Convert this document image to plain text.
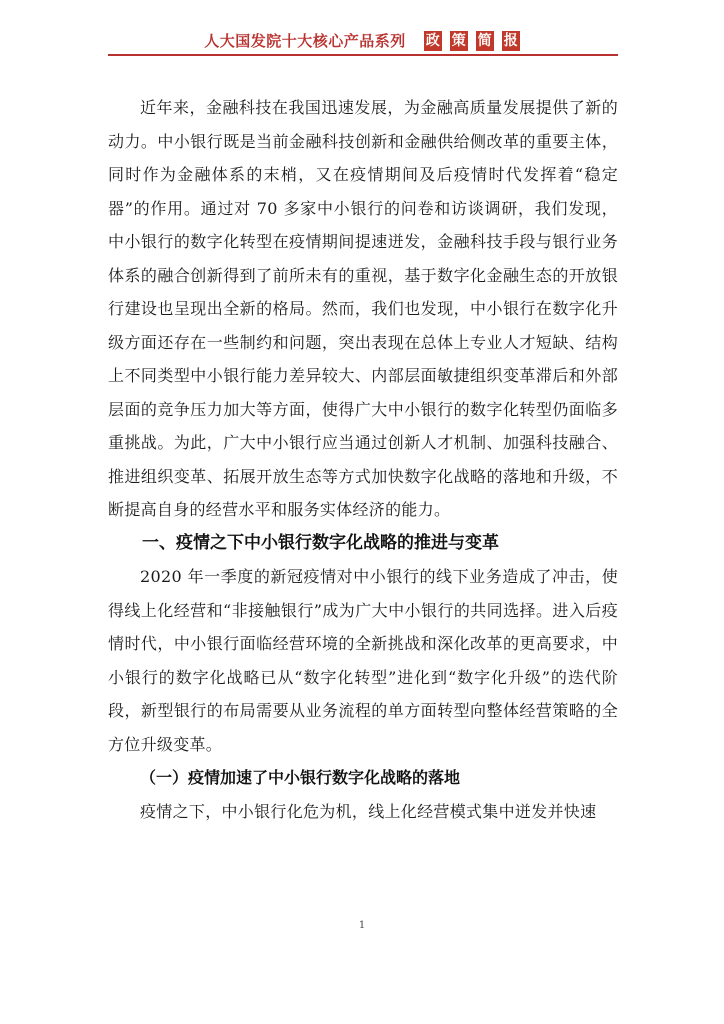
人大国发院十大核心产品系列 政 策 简 报

近年来，金融科技在我国迅速发展，为金融高质量发展提供了新的动力。中小银行既是当前金融科技创新和金融供给侧改革的重要主体，同时作为金融体系的末梢，又在疫情期间及后疫情时代发挥着“稳定器”的作用。通过对 70 多家中小银行的问卷和访谈调研，我们发现，中小银行的数字化转型在疫情期间提速迸发，金融科技手段与银行业务体系的融合创新得到了前所未有的重视，基于数字化金融生态的开放银行建设也呈现出全新的格局。然而，我们也发现，中小银行在数字化升级方面还存在一些制约和问题，突出表现在总体上专业人才短缺、结构上不同类型中小银行能力差异较大、内部层面敏捷组织变革滞后和外部层面的竞争压力加大等方面，使得广大中小银行的数字化转型仍面临多重挑战。为此，广大中小银行应当通过创新人才机制、加强科技融合、推进组织变革、拓展开放生态等方式加快数字化战略的落地和升级，不断提高自身的经营水平和服务实体经济的能力。

一、疫情之下中小银行数字化战略的推进与变革

2020 年一季度的新冠疫情对中小银行的线下业务造成了冲击，使得线上化经营和“非接触银行”成为广大中小银行的共同选择。进入后疫情时代，中小银行面临经营环境的全新挑战和深化改革的更高要求，中小银行的数字化战略已从“数字化转型”进化到“数字化升级”的迭代阶段，新型银行的布局需要从业务流程的单方面转型向整体经营策略的全方位升级变革。

（一）疫情加速了中小银行数字化战略的落地

疫情之下，中小银行化危为机，线上化经营模式集中迸发并快速

1
